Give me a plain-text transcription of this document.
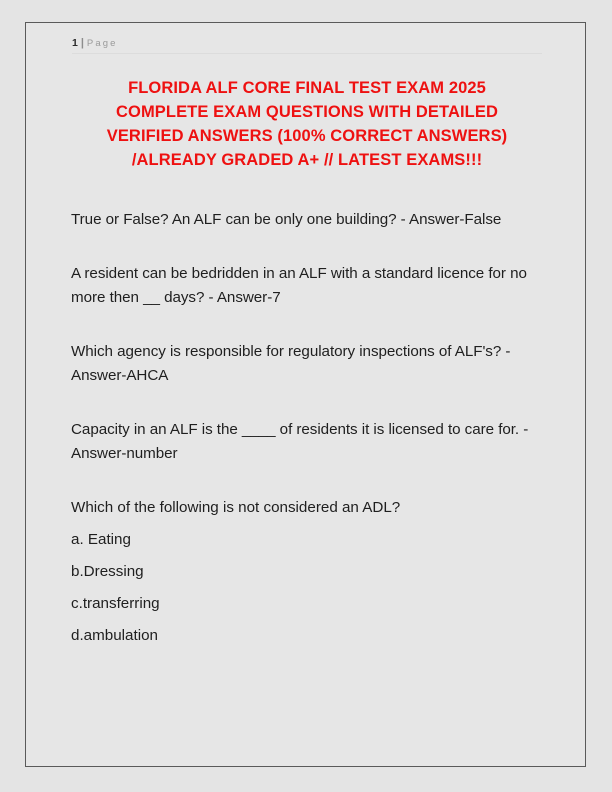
1 | Page
FLORIDA ALF CORE FINAL TEST EXAM 2025
COMPLETE EXAM QUESTIONS WITH DETAILED
VERIFIED ANSWERS (100% CORRECT ANSWERS)
/ALREADY GRADED A+ // LATEST EXAMS!!!
True or False? An ALF can be only one building? - Answer-False
A resident can be bedridden in an ALF with a standard licence for no more then __ days? - Answer-7
Which agency is responsible for regulatory inspections of ALF's? - Answer-AHCA
Capacity in an ALF is the ____ of residents it is licensed to care for. - Answer-number
Which of the following is not considered an ADL?
a. Eating
b.Dressing
c.transferring
d.ambulation
